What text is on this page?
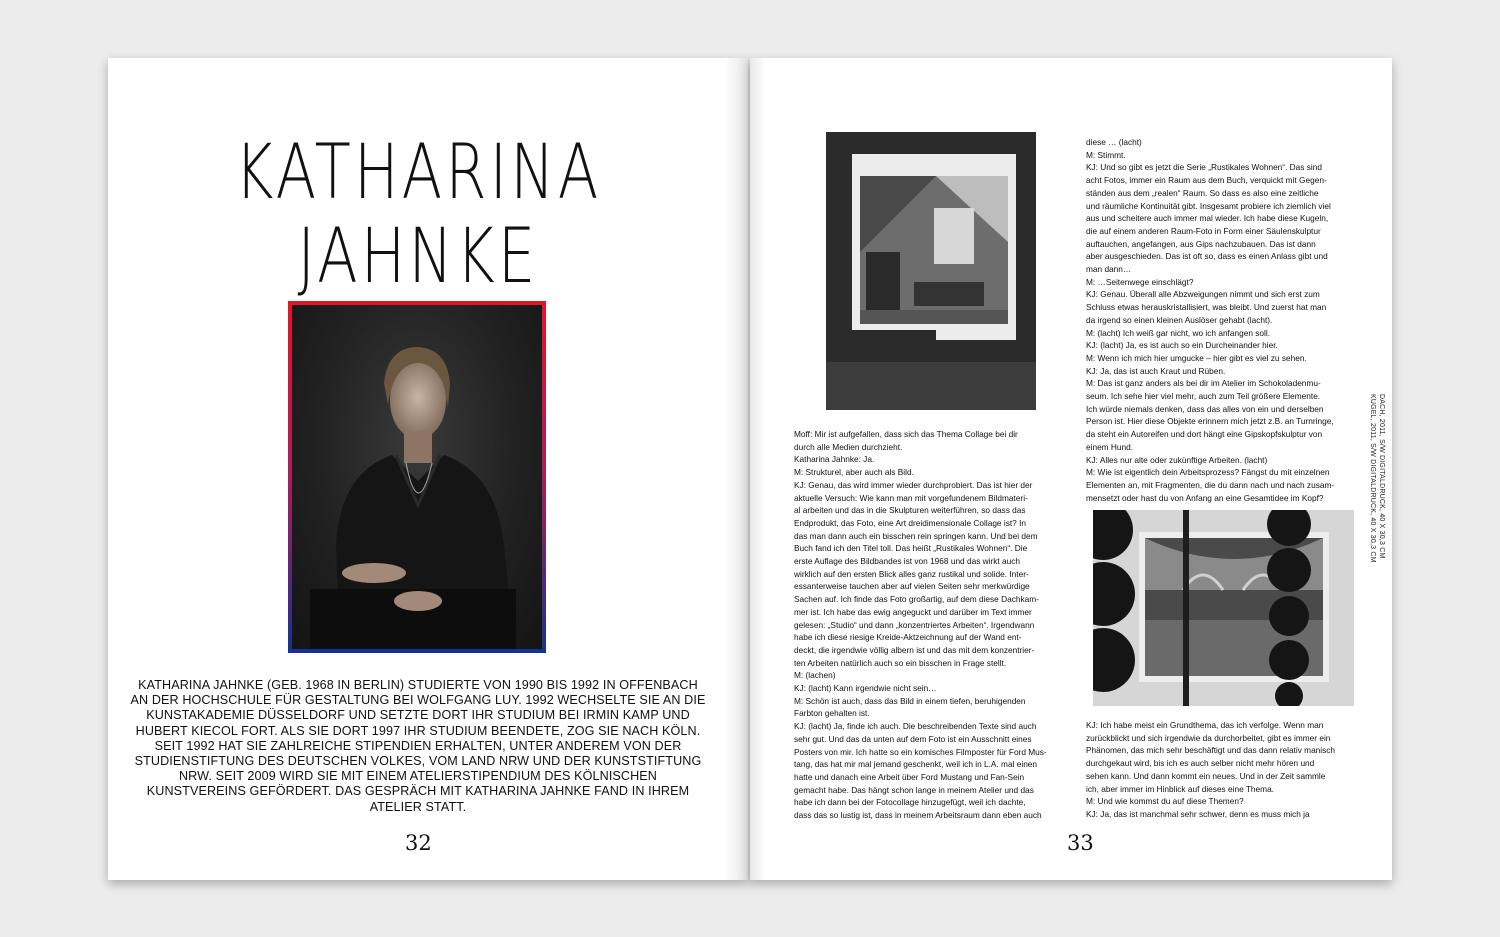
KATHARINA
JAHNKE
KATHARINA JAHNKE (GEB. 1968 IN BERLIN) STUDIERTE VON 1990 BIS 1992 IN OFFENBACH AN DER HOCHSCHULE FÜR GESTALTUNG BEI WOLFGANG LUY. 1992 WECHSELTE SIE AN DIE KUNSTAKADEMIE DÜSSELDORF UND SETZTE DORT IHR STUDIUM BEI IRMIN KAMP UND HUBERT KIECOL FORT. ALS SIE DORT 1997 IHR STUDIUM BEENDETE, ZOG SIE NACH KÖLN. SEIT 1992 HAT SIE ZAHLREICHE STIPENDIEN ERHALTEN, UNTER ANDEREM VON DER STUDIENSTIFTUNG DES DEUTSCHEN VOLKES, VOM LAND NRW UND DER KUNSTSTIFTUNG NRW. SEIT 2009 WIRD SIE MIT EINEM ATELIERSTIPENDIUM DES KÖLNISCHEN KUNSTVEREINS GEFÖRDERT. DAS GESPRÄCH MIT KATHARINA JAHNKE FAND IN IHREM ATELIER STATT.
32

Moff: Mir ist aufgefallen, dass sich das Thema Collage bei dir

durch alle Medien durchzieht.

Katharina Jahnke: Ja.

M: Strukturel, aber auch als Bild.

KJ: Genau, das wird immer wieder durchprobiert. Das ist hier der

aktuelle Versuch: Wie kann man mit vorgefundenem Bildmateri-

al arbeiten und das in die Skulpturen weiterführen, so dass das

Endprodukt, das Foto, eine Art dreidimensionale Collage ist? In

das man dann auch ein bisschen rein springen kann. Und bei dem

Buch fand ich den Titel toll. Das heißt „Rustikales Wohnen“. Die

erste Auflage des Bildbandes ist von 1968 und das wirkt auch

wirklich auf den ersten Blick alles ganz rustikal und solide. Inter-

essanterweise tauchen aber auf vielen Seiten sehr merkwürdige

Sachen auf. Ich finde das Foto großartig, auf dem diese Dachkam-

mer ist. Ich habe das ewig angeguckt und darüber im Text immer

gelesen: „Studio“ und dann „konzentriertes Arbeiten“. Irgendwann

habe ich diese riesige Kreide-Aktzeichnung auf der Wand ent-

deckt, die irgendwie völlig albern ist und das mit dem konzentrier-

ten Arbeiten natürlich auch so ein bisschen in Frage stellt.

M: (lachen)

KJ: (lacht) Kann irgendwie nicht sein…

M: Schön ist auch, dass das Bild in einem tiefen, beruhigenden

Farbton gehalten ist.

KJ: (lacht) Ja, finde ich auch. Die beschreibenden Texte sind auch

sehr gut. Und das da unten auf dem Foto ist ein Ausschnitt eines

Posters von mir. Ich hatte so ein komisches Filmposter für Ford Mus-

tang, das hat mir mal jemand geschenkt, weil ich in L.A. mal einen

hatte und danach eine Arbeit über Ford Mustang und Fan-Sein

gemacht habe. Das hängt schon lange in meinem Atelier und das

habe ich dann bei der Fotocollage hinzugefügt, weil ich dachte,

dass das so lustig ist, dass in meinem Arbeitsraum dann eben auch

diese … (lacht)

M: Stimmt.

KJ: Und so gibt es jetzt die Serie „Rustikales Wohnen“. Das sind

acht Fotos, immer ein Raum aus dem Buch, verquickt mit Gegen-

ständen aus dem „realen“ Raum. So dass es also eine zeitliche

und räumliche Kontinuität gibt. Insgesamt probiere ich ziemlich viel

aus und scheitere auch immer mal wieder. Ich habe diese Kugeln,

die auf einem anderen Raum-Foto in Form einer Säulenskulptur

auftauchen, angefangen, aus Gips nachzubauen. Das ist dann

aber ausgeschieden. Das ist oft so, dass es einen Anlass gibt und

man dann…

M: …Seitenwege einschlägt?

KJ: Genau. Überall alle Abzweigungen nimmt und sich erst zum

Schluss etwas herauskristallisiert, was bleibt. Und zuerst hat man

da irgend so einen kleinen Auslöser gehabt (lacht).

M: (lacht) Ich weiß gar nicht, wo ich anfangen soll.

KJ: (lacht) Ja, es ist auch so ein Durcheinander hier.

M: Wenn ich mich hier umgucke – hier gibt es viel zu sehen.

KJ: Ja, das ist auch Kraut und Rüben.

M: Das ist ganz anders als bei dir im Atelier im Schokoladenmu-

seum. Ich sehe hier viel mehr, auch zum Teil größere Elemente.

Ich würde niemals denken, dass das alles von ein und derselben

Person ist. Hier diese Objekte erinnern mich jetzt z.B. an Turnringe,

da steht ein Autoreifen und dort hängt eine Gipskopfskulptur von

einem Hund.

KJ: Alles nur alte oder zukünftige Arbeiten. (lacht)

M: Wie ist eigentlich dein Arbeitsprozess? Fängst du mit einzelnen

Elementen an, mit Fragmenten, die du dann nach und nach zusam-

mensetzt oder hast du von Anfang an eine Gesamtidee im Kopf?

KJ: Ich habe meist ein Grundthema, das ich verfolge. Wenn man

zurückblickt und sich irgendwie da durchorbeitet, gibt es immer ein

Phänomen, das mich sehr beschäftigt und das dann relativ manisch

durchgekaut wird, bis ich es auch selber nicht mehr hören und

sehen kann. Und dann kommt ein neues. Und in der Zeit sammle

ich, aber immer im Hinblick auf dieses eine Thema.

M: Und wie kommst du auf diese Themen?

KJ: Ja, das ist manchmal sehr schwer, denn es muss mich ja

DACH, 2011, S/W DIGITALDRUCK, 40 X 30,3 CM
KUGEL, 2011, S/W DIGITALDRUCK, 40 X 30,3 CM
33
